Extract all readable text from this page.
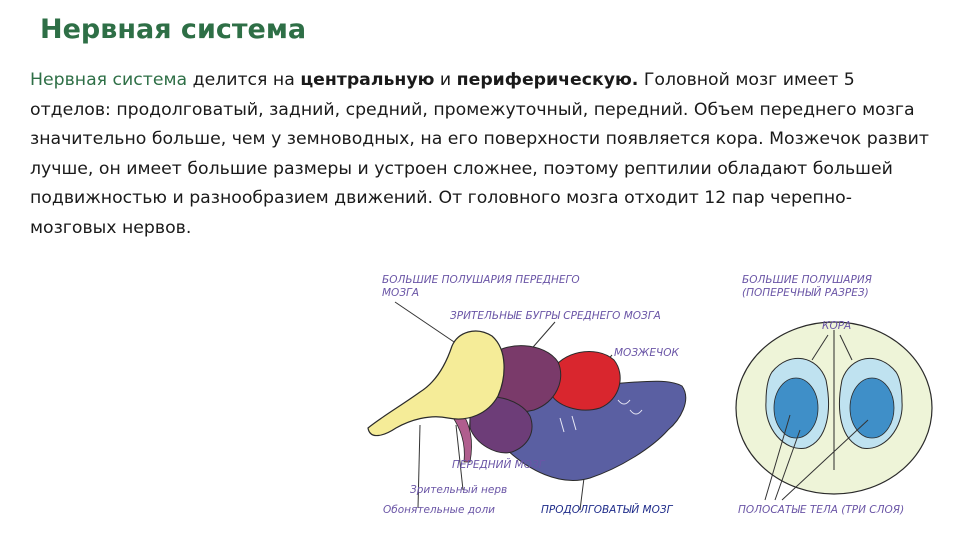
Нервная система
Нервная система делится на центральную и периферическую. Головной мозг имеет 5 отделов: продолговатый, задний, средний, промежуточный, передний. Объем переднего мозга значительно больше, чем у земноводных, на его поверхности появляется кора. Мозжечок развит лучше, он имеет большие размеры и устроен сложнее, поэтому рептилии обладают большей подвижностью и разнообразием движений. От головного мозга отходит 12 пар черепно-мозговых нервов.
БОЛЬШИЕ ПОЛУШАРИЯ ПЕРЕДНЕГО
МОЗГА
ЗРИТЕЛЬНЫЕ БУГРЫ СРЕДНЕГО МОЗГА
МОЗЖЕЧОК
ПЕРЕДНИЙ МОЗГ
Зрительный нерв
Обонятельные доли	ПРОДОЛГОВАТЫЙ МОЗГ
БОЛЬШИЕ ПОЛУШАРИЯ
(ПОПЕРЕЧНЫЙ РАЗРЕЗ)
КОРА
ПОЛОСАТЫЕ ТЕЛА (ТРИ СЛОЯ)
